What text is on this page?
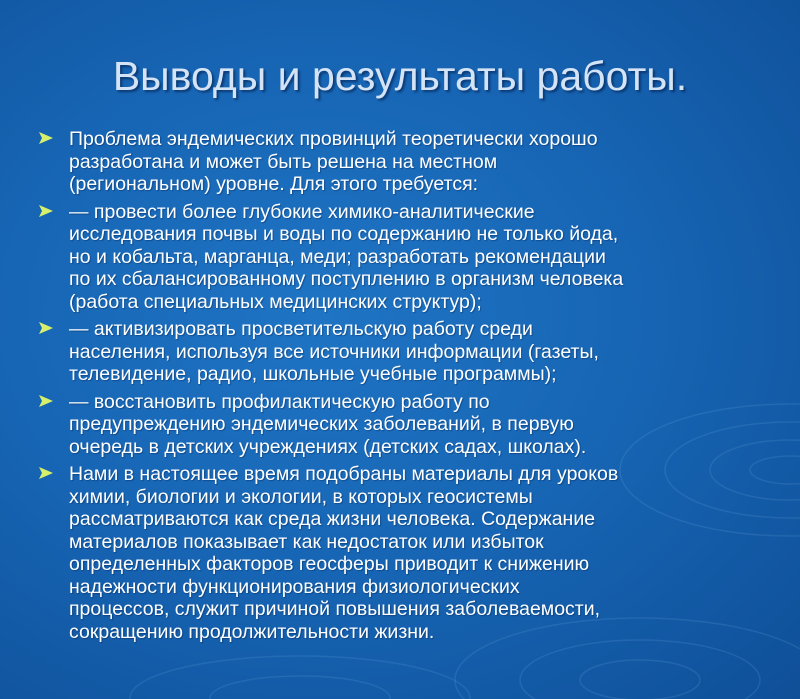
Выводы и результаты работы.
Проблема эндемических провинций теоретически хорошо
разработана и может быть решена на местном
(региональном) уровне. Для этого требуется:
— провести более глубокие химико-аналитические
исследования почвы и воды по содержанию не только йода,
но и кобальта, марганца, меди; разработать рекомендации
по их сбалансированному поступлению в организм человека
(работа специальных медицинских структур);
— активизировать просветительскую работу среди
населения, используя все источники информации (газеты,
телевидение, радио, школьные учебные программы);
— восстановить профилактическую работу по
предупреждению эндемических заболеваний, в первую
очередь в детских учреждениях (детских садах, школах).
Нами в настоящее время подобраны материалы для уроков
химии, биологии и экологии, в которых геосистемы
рассматриваются как среда жизни человека. Содержание
материалов показывает как недостаток или избыток
определенных факторов геосферы приводит к снижению
надежности функционирования физиологических
процессов, служит причиной повышения заболеваемости,
сокращению продолжительности жизни.
